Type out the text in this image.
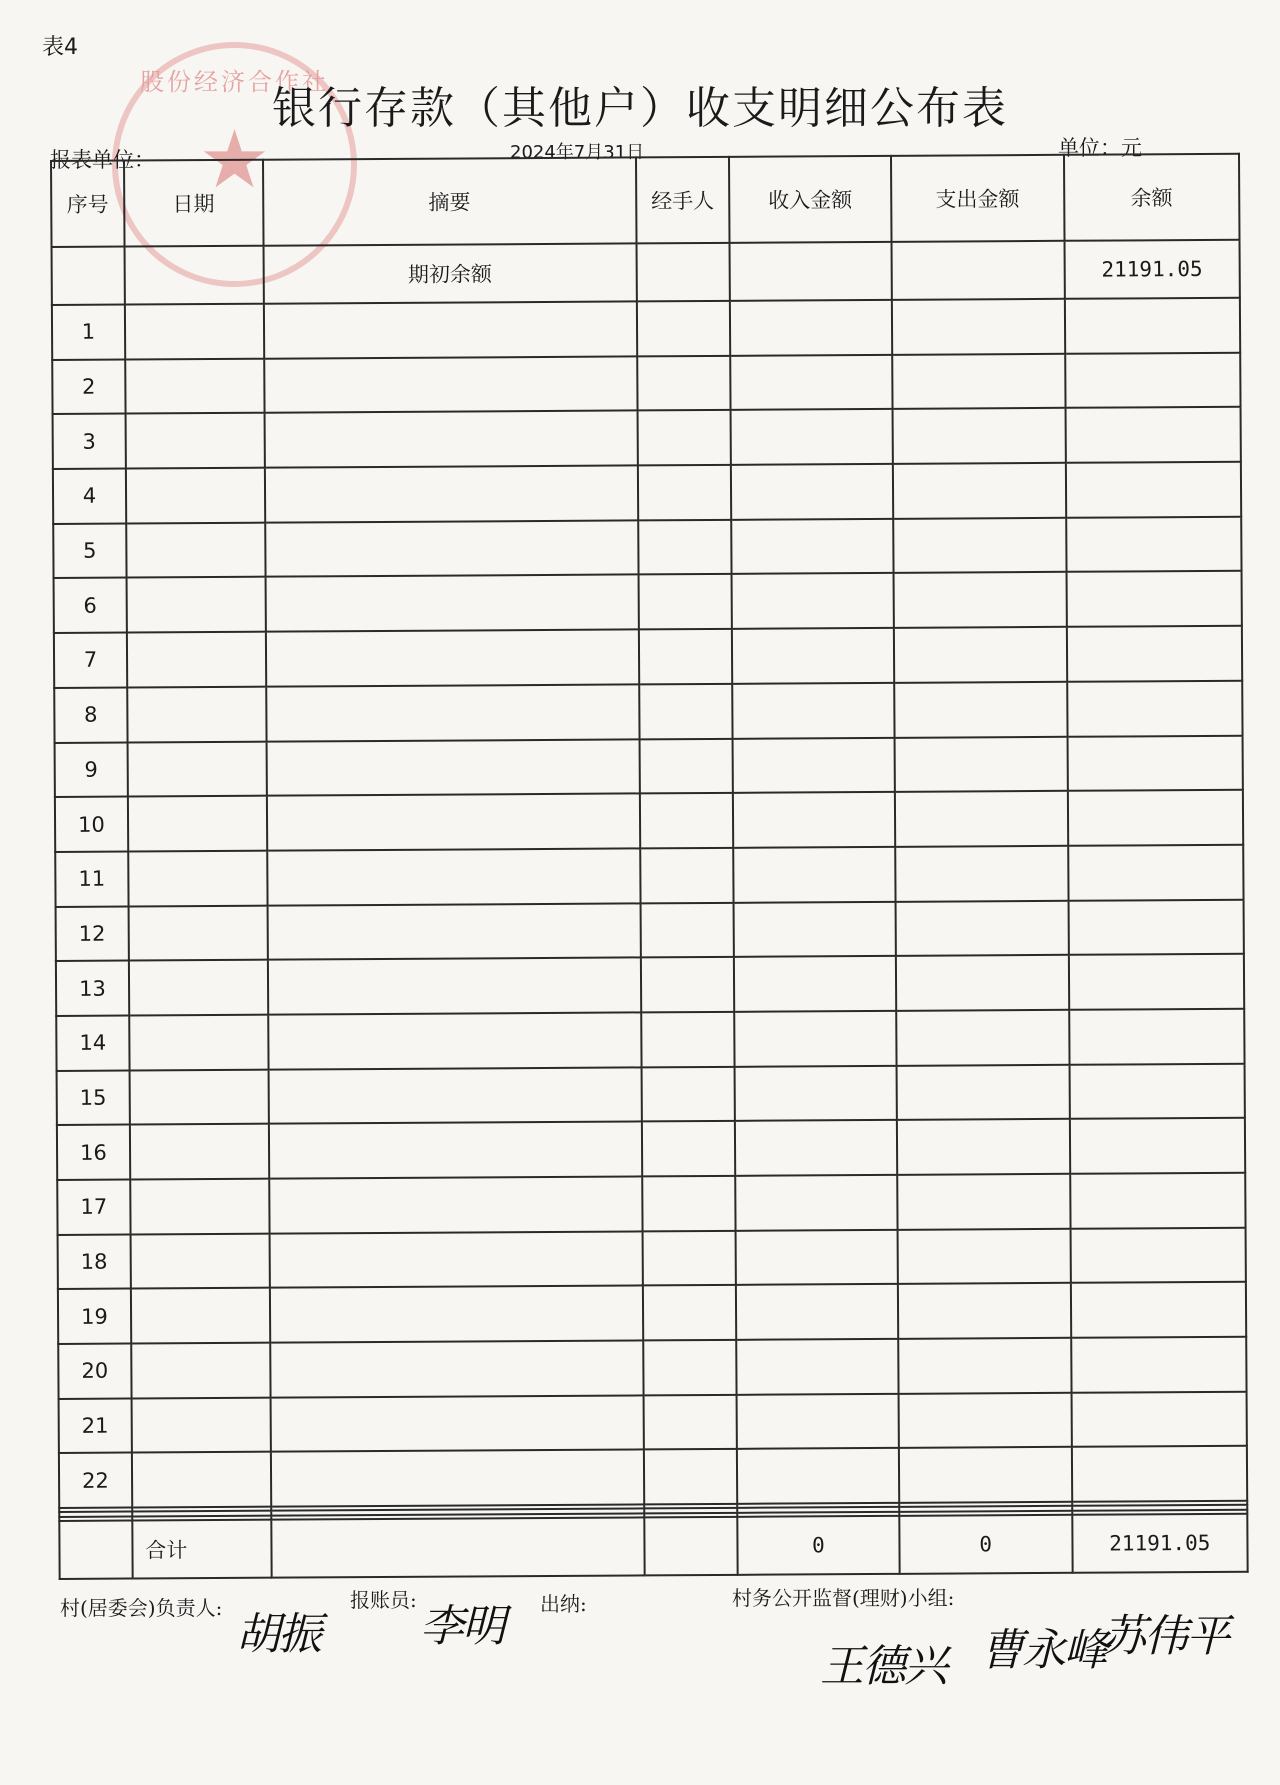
表4
股份经济合作社
★
银行存款（其他户）收支明细公布表
报表单位：	2024年7月31日	单位：元
序号	日期	摘要	经手人	收入金额	支出金额	余额
		期初余额				21191.05
1						
2						
3						
4						
5						
6						
7						
8						
9						
10						
11						
12						
13						
14						
15						
16						
17						
18						
19						
20						
21						
22						

	合计			0	0	21191.05
村(居委会)负责人:
胡振
报账员:
李明 出纳:	村务公开监督(理财)小组:
王德兴 曹永峰
苏伟平
